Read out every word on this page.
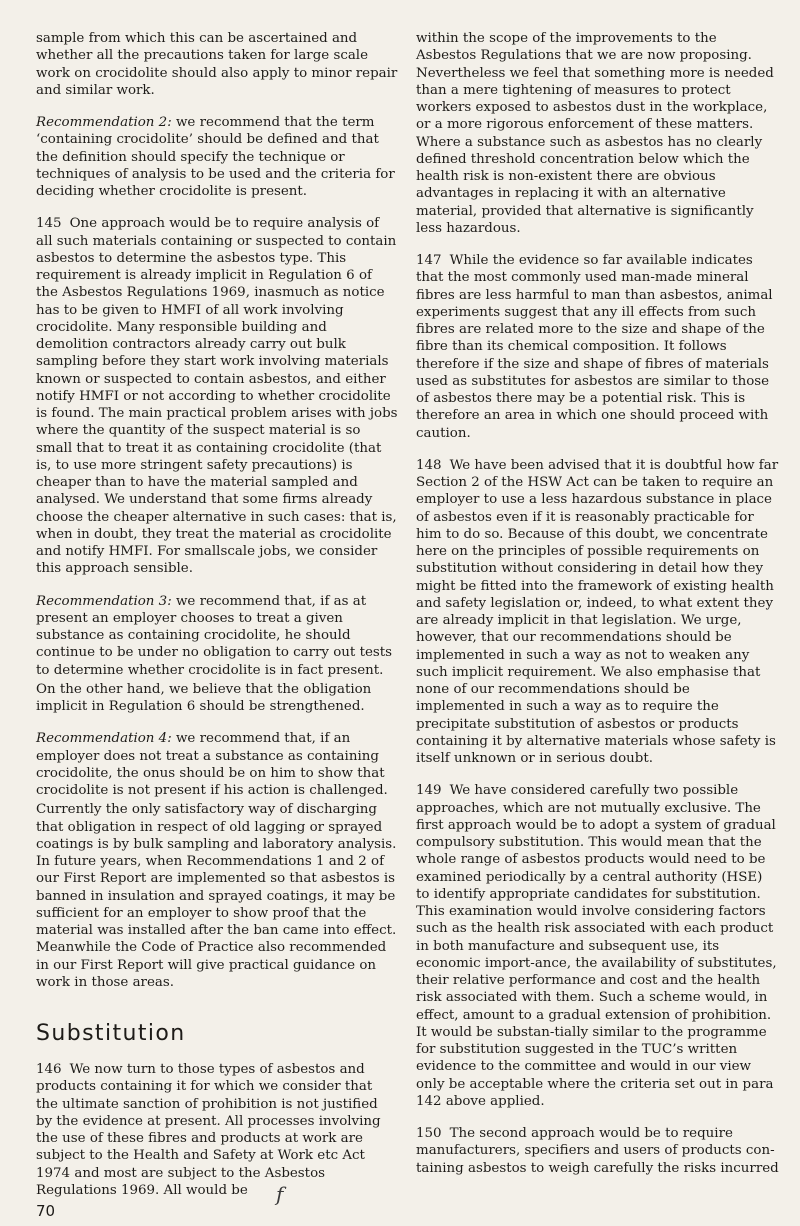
sample from which this can be ascertained and whether all the precautions taken for large scale work on crocidolite should also apply to minor repair and similar work.

Recommendation 2: we recommend that the term ‘containing crocidolite’ should be defined and that the definition should specify the technique or techniques of analysis to be used and the criteria for deciding whether crocidolite is present.

145 One approach would be to require analysis of all such materials containing or suspected to contain asbestos to determine the asbestos type. This requirement is already implicit in Regulation 6 of the Asbestos Regulations 1969, inasmuch as notice has to be given to HMFI of all work involving crocidolite. Many responsible building and demolition contractors already carry out bulk sampling before they start work involving materials known or suspected to contain asbestos, and either notify HMFI or not according to whether crocidolite is found. The main practical problem arises with jobs where the quantity of the suspect material is so small that to treat it as containing crocidolite (that is, to use more stringent safety precautions) is cheaper than to have the material sampled and analysed. We understand that some firms already choose the cheaper alternative in such cases: that is, when in doubt, they treat the material as crocidolite and notify HMFI. For smallscale jobs, we consider this approach sensible.

Recommendation 3: we recommend that, if as at present an employer chooses to treat a given substance as containing crocidolite, he should continue to be under no obligation to carry out tests to determine whether crocidolite is in fact present.

On the other hand, we believe that the obligation implicit in Regulation 6 should be strengthened.

Recommendation 4: we recommend that, if an employer does not treat a substance as containing crocidolite, the onus should be on him to show that crocidolite is not present if his action is challenged.

Currently the only satisfactory way of discharging that obligation in respect of old lagging or sprayed coatings is by bulk sampling and laboratory analysis. In future years, when Recommendations 1 and 2 of our First Report are implemented so that asbestos is banned in insulation and sprayed coatings, it may be sufficient for an employer to show proof that the material was installed after the ban came into effect. Meanwhile the Code of Practice also recommended in our First Report will give practical guidance on work in those areas.

Substitution

146 We now turn to those types of asbestos and products containing it for which we consider that the ultimate sanction of prohibition is not justified by the evidence at present. All processes involving the use of these fibres and products at work are subject to the Health and Safety at Work etc Act 1974 and most are subject to the Asbestos Regulations 1969. All would be

70

within the scope of the improvements to the Asbestos Regulations that we are now proposing. Nevertheless we feel that something more is needed than a mere tightening of measures to protect workers exposed to asbestos dust in the workplace, or a more rigorous enforcement of these matters. Where a substance such as asbestos has no clearly defined threshold concentration below which the health risk is non-existent there are obvious advantages in replacing it with an alternative material, provided that alternative is significantly less hazardous.

147 While the evidence so far available indicates that the most commonly used man-made mineral fibres are less harmful to man than asbestos, animal experiments suggest that any ill effects from such fibres are related more to the size and shape of the fibre than its chemical composition. It follows therefore if the size and shape of fibres of materials used as substitutes for asbestos are similar to those of asbestos there may be a potential risk. This is therefore an area in which one should proceed with caution.

148 We have been advised that it is doubtful how far Section 2 of the HSW Act can be taken to require an employer to use a less hazardous substance in place of asbestos even if it is reasonably practicable for him to do so. Because of this doubt, we concentrate here on the principles of possible requirements on substitution without considering in detail how they might be fitted into the framework of existing health and safety legislation or, indeed, to what extent they are already implicit in that legislation. We urge, however, that our recommendations should be implemented in such a way as not to weaken any such implicit requirement. We also emphasise that none of our recommendations should be implemented in such a way as to require the precipitate substitution of asbestos or products containing it by alternative materials whose safety is itself unknown or in serious doubt.

149 We have considered carefully two possible approaches, which are not mutually exclusive. The first approach would be to adopt a system of gradual compulsory substitution. This would mean that the whole range of asbestos products would need to be examined periodically by a central authority (HSE) to identify appropriate candidates for substitution. This examination would involve considering factors such as the health risk associated with each product in both manufacture and subsequent use, its economic import-ance, the availability of substitutes, their relative performance and cost and the health risk associated with them. Such a scheme would, in effect, amount to a gradual extension of prohibition. It would be substan-tially similar to the programme for substitution suggested in the TUC’s written evidence to the committee and would in our view only be acceptable where the criteria set out in para 142 above applied.

150 The second approach would be to require manufacturers, specifiers and users of products con-taining asbestos to weigh carefully the risks incurred

f
